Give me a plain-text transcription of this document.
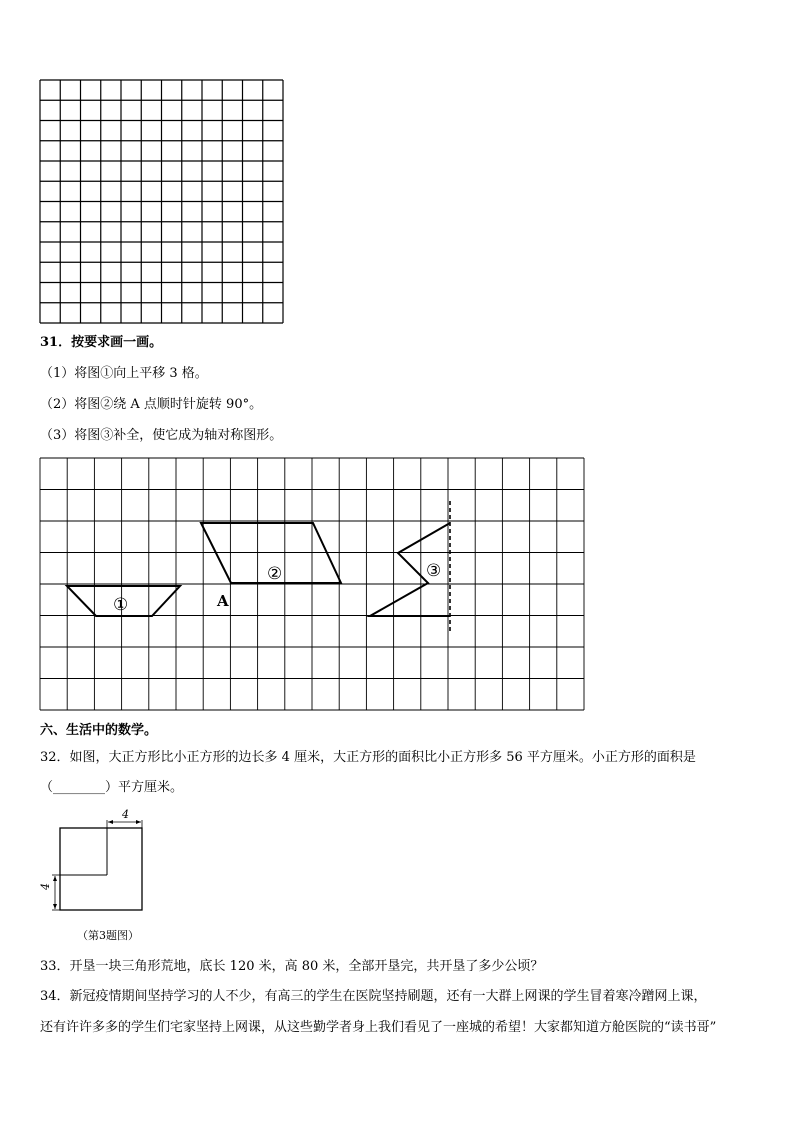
31．按要求画一画。
（1）将图①向上平移 3 格。
（2）将图②绕 A 点顺时针旋转 90°。
（3）将图③补全，使它成为轴对称图形。
①
②
A
③
六、生活中的数学。
32．如图，大正方形比小正方形的边长多 4 厘米，大正方形的面积比小正方形多 56 平方厘米。小正方形的面积是
（________）平方厘米。
4
4
（第3题图）
33．开垦一块三角形荒地，底长 120 米，高 80 米，全部开垦完，共开垦了多少公顷？
34．新冠疫情期间坚持学习的人不少，有高三的学生在医院坚持刷题，还有一大群上网课的学生冒着寒冷蹭网上课，
还有许许多多的学生们宅家坚持上网课，从这些勤学者身上我们看见了一座城的希望！大家都知道方舱医院的“读书哥”
